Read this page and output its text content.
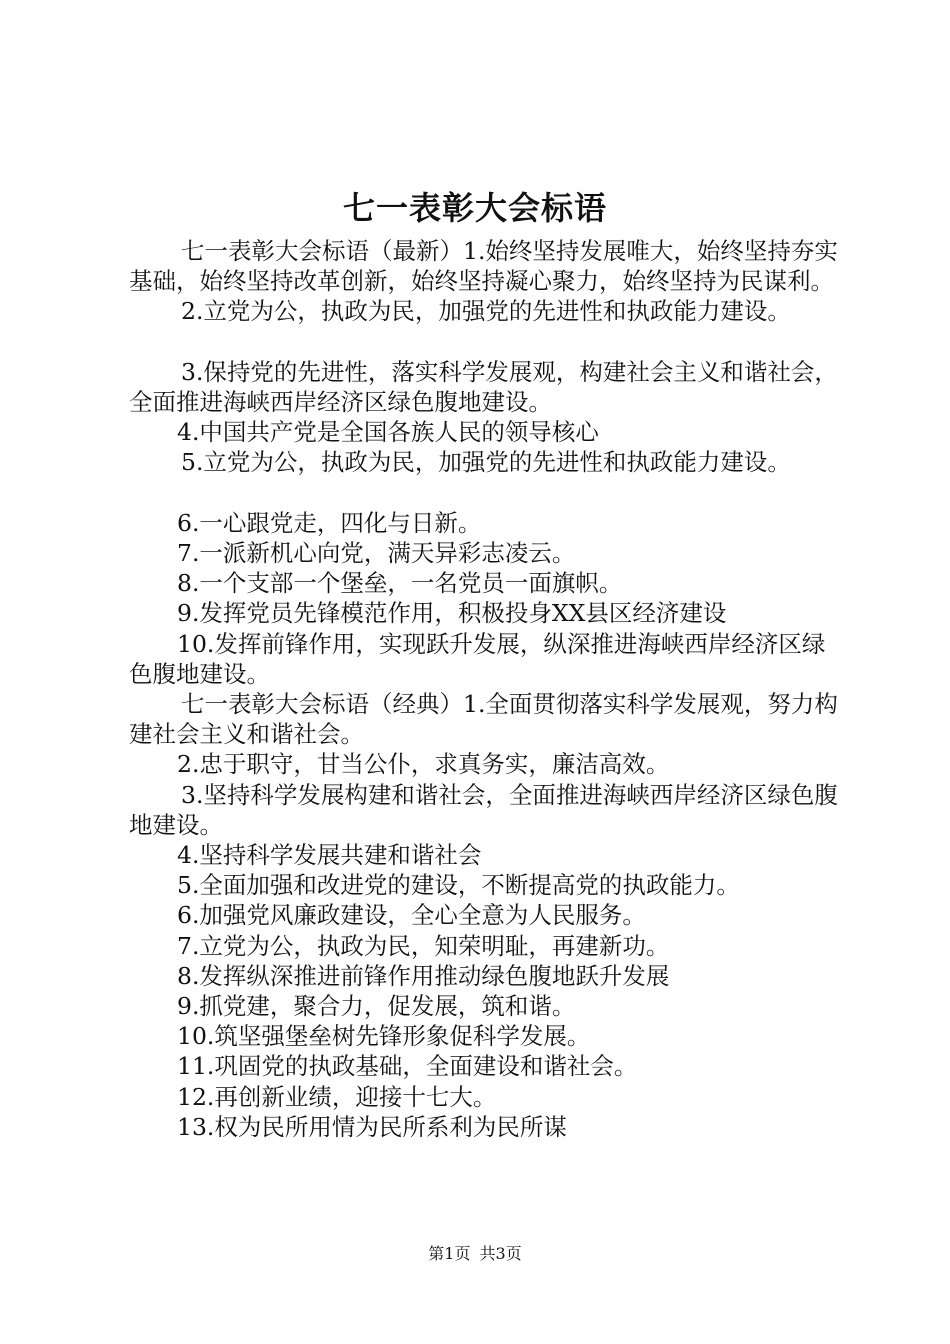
七一表彰大会标语

七一表彰大会标语（最新）1.始终坚持发展唯大，始终坚持夯实基础，始终坚持改革创新，始终坚持凝心聚力，始终坚持为民谋利。

2.立党为公，执政为民，加强党的先进性和执政能力建设。

3.保持党的先进性，落实科学发展观，构建社会主义和谐社会，全面推进海峡西岸经济区绿色腹地建设。

4.中国共产党是全国各族人民的领导核心

5.立党为公，执政为民，加强党的先进性和执政能力建设。

6.一心跟党走，四化与日新。

7.一派新机心向党，满天异彩志凌云。

8.一个支部一个堡垒，一名党员一面旗帜。

9.发挥党员先锋模范作用，积极投身XX县区经济建设

10.发挥前锋作用，实现跃升发展，纵深推进海峡西岸经济区绿色腹地建设。

七一表彰大会标语（经典）1.全面贯彻落实科学发展观，努力构建社会主义和谐社会。

2.忠于职守，甘当公仆，求真务实，廉洁高效。

3.坚持科学发展构建和谐社会，全面推进海峡西岸经济区绿色腹地建设。

4.坚持科学发展共建和谐社会

5.全面加强和改进党的建设，不断提高党的执政能力。

6.加强党风廉政建设，全心全意为人民服务。

7.立党为公，执政为民，知荣明耻，再建新功。

8.发挥纵深推进前锋作用推动绿色腹地跃升发展

9.抓党建，聚合力，促发展，筑和谐。

10.筑坚强堡垒树先锋形象促科学发展。

11.巩固党的执政基础，全面建设和谐社会。

12.再创新业绩，迎接十七大。

13.权为民所用情为民所系利为民所谋

第1页 共3页
